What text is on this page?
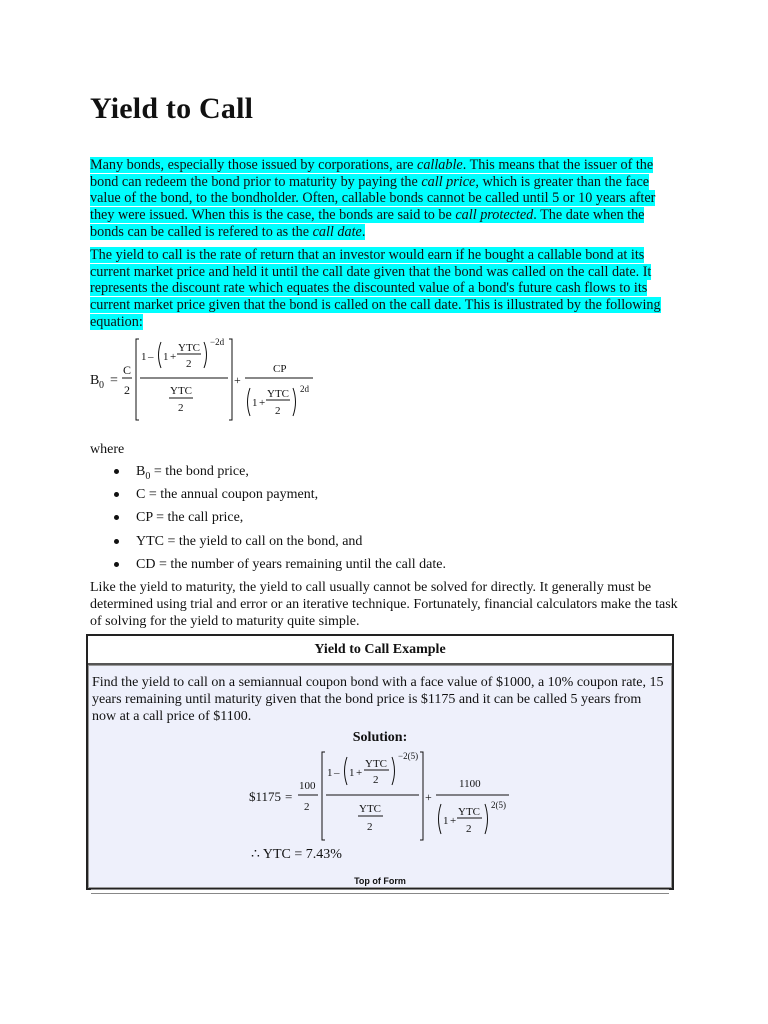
Yield to Call
Many bonds, especially those issued by corporations, are callable. This means that the issuer of the bond can redeem the bond prior to maturity by paying the call price, which is greater than the face value of the bond, to the bondholder. Often, callable bonds cannot be called until 5 or 10 years after they were issued. When this is the case, the bonds are said to be call protected. The date when the bonds can be called is refered to as the call date.
The yield to call is the rate of return that an investor would earn if he bought a callable bond at its current market price and held it until the call date given that the bond was called on the call date. It represents the discount rate which equates the discounted value of a bond's future cash flows to its current market price given that the bond is called on the call date. This is illustrated by the following equation:
B 0 =
C
2
1 – 1 +
YTC
2
−2d
YTC
2
+
CP
1 +
YTC
2
2d
where
$B_0$ = the bond price,
C = the annual coupon payment,
CP = the call price,
YTC = the yield to call on the bond, and
CD = the number of years remaining until the call date.
Like the yield to maturity, the yield to call usually cannot be solved for directly. It generally must be determined using trial and error or an iterative technique. Fortunately, financial calculators make the task of solving for the yield to maturity quite simple.
Yield to Call Example
Find the yield to call on a semiannual coupon bond with a face value of $1000, a 10% coupon rate, 15 years remaining until maturity given that the bond price is $1175 and it can be called 5 years from now at a call price of $1100.
Solution:
$1175 =
100
2
1 – 1 +
YTC
2
−2(5)
YTC
2
+
1100
1 +
YTC
2
2(5)
∴ YTC = 7.43%
Top of Form
